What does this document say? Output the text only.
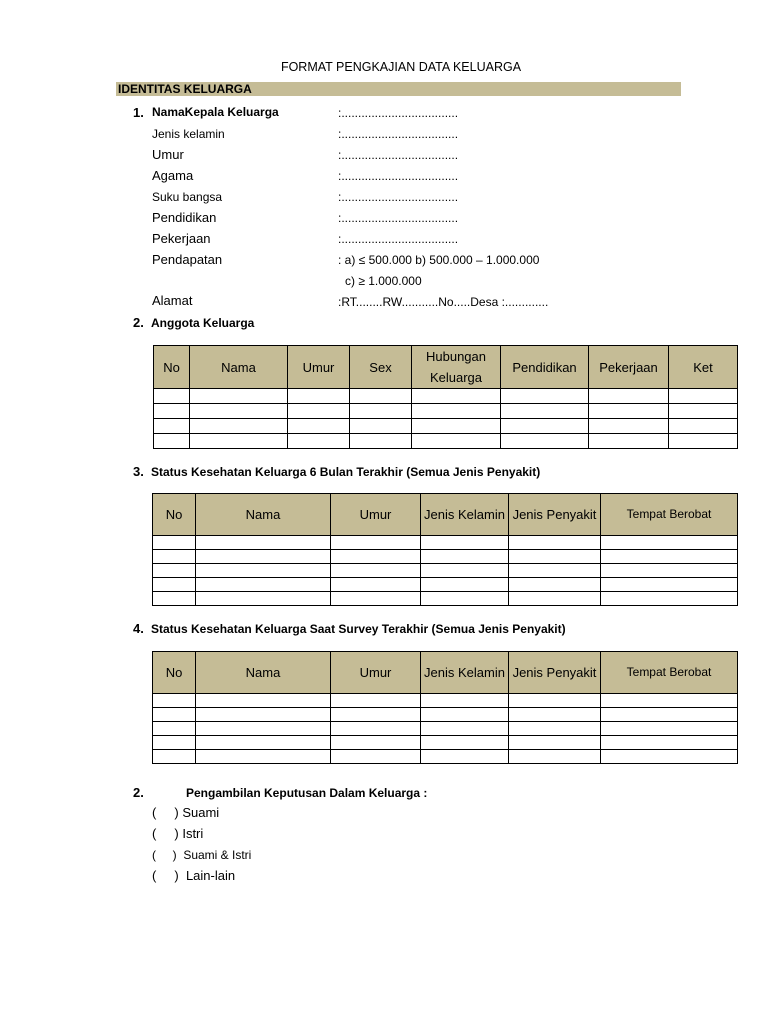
FORMAT PENGKAJIAN DATA KELUARGA
IDENTITAS KELUARGA
1. NamaKepala Keluarga	:...................................
Jenis kelamin	:...................................
Umur	:...................................
Agama	:...................................
Suku bangsa	:...................................
Pendidikan	:...................................
Pekerjaan	:...................................
Pendapatan	: a) ≤ 500.000 b) 500.000 – 1.000.000
c) ≥ 1.000.000
Alamat	:RT........RW...........No.....Desa :.............
2. Anggota Keluarga
No	Nama	Umur	Sex	Hubungan Keluarga	Pendidikan	Pekerjaan	Ket

3. Status Kesehatan Keluarga 6 Bulan Terakhir (Semua Jenis Penyakit)
No	Nama	Umur	Jenis Kelamin	Jenis Penyakit	Tempat Berobat

4. Status Kesehatan Keluarga Saat Survey Terakhir (Semua Jenis Penyakit)
No	Nama	Umur	Jenis Kelamin	Jenis Penyakit	Tempat Berobat

2.	Pengambilan Keputusan Dalam Keluarga :
(     ) Suami
(     ) Istri
(     )  Suami & Istri
(     )  Lain-lain
